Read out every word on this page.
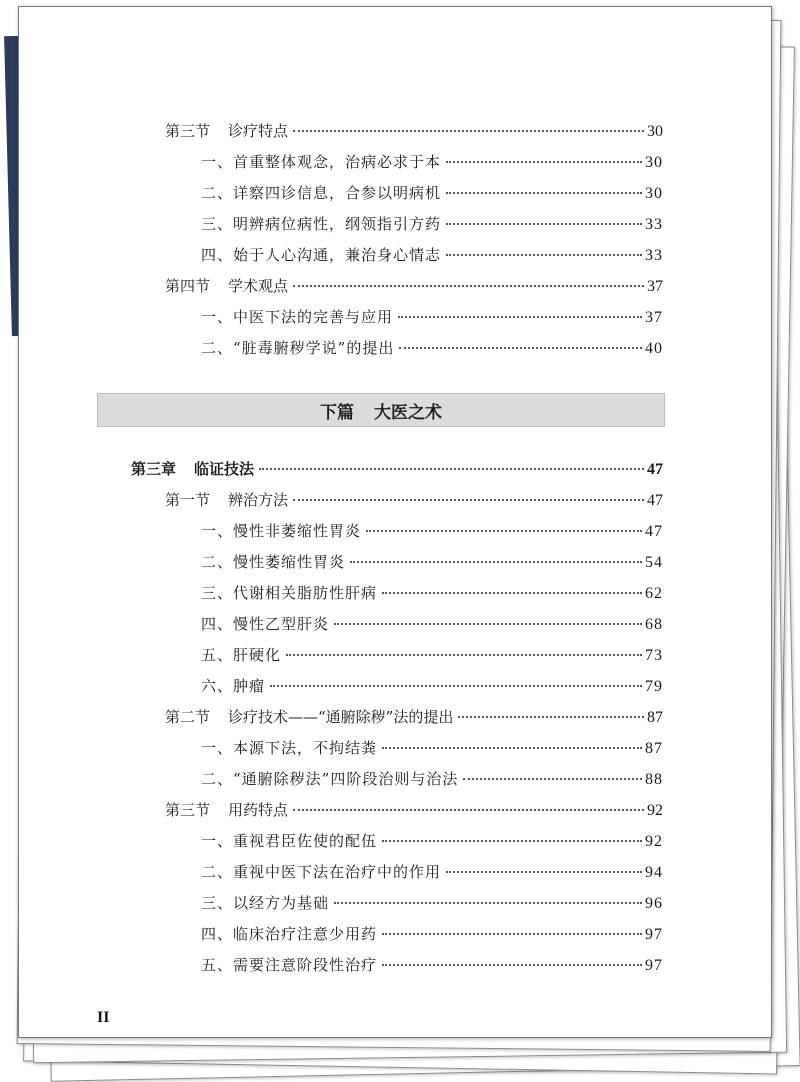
第三节 诊疗特点	30
一、首重整体观念，治病必求于本	30
二、详察四诊信息，合参以明病机	30
三、明辨病位病性，纲领指引方药	33
四、始于人心沟通，兼治身心情志	33
第四节 学术观点	37
一、中医下法的完善与应用	37
二、“脏毒腑秽学说”的提出	40
下篇 大医之术
第三章 临证技法	47
第一节 辨治方法	47
一、慢性非萎缩性胃炎	47
二、慢性萎缩性胃炎	54
三、代谢相关脂肪性肝病	62
四、慢性乙型肝炎	68
五、肝硬化	73
六、肿瘤	79
第二节 诊疗技术——“通腑除秽”法的提出	87
一、本源下法，不拘结粪	87
二、“通腑除秽法”四阶段治则与治法	88
第三节 用药特点	92
一、重视君臣佐使的配伍	92
二、重视中医下法在治疗中的作用	94
三、以经方为基础	96
四、临床治疗注意少用药	97
五、需要注意阶段性治疗	97
II
